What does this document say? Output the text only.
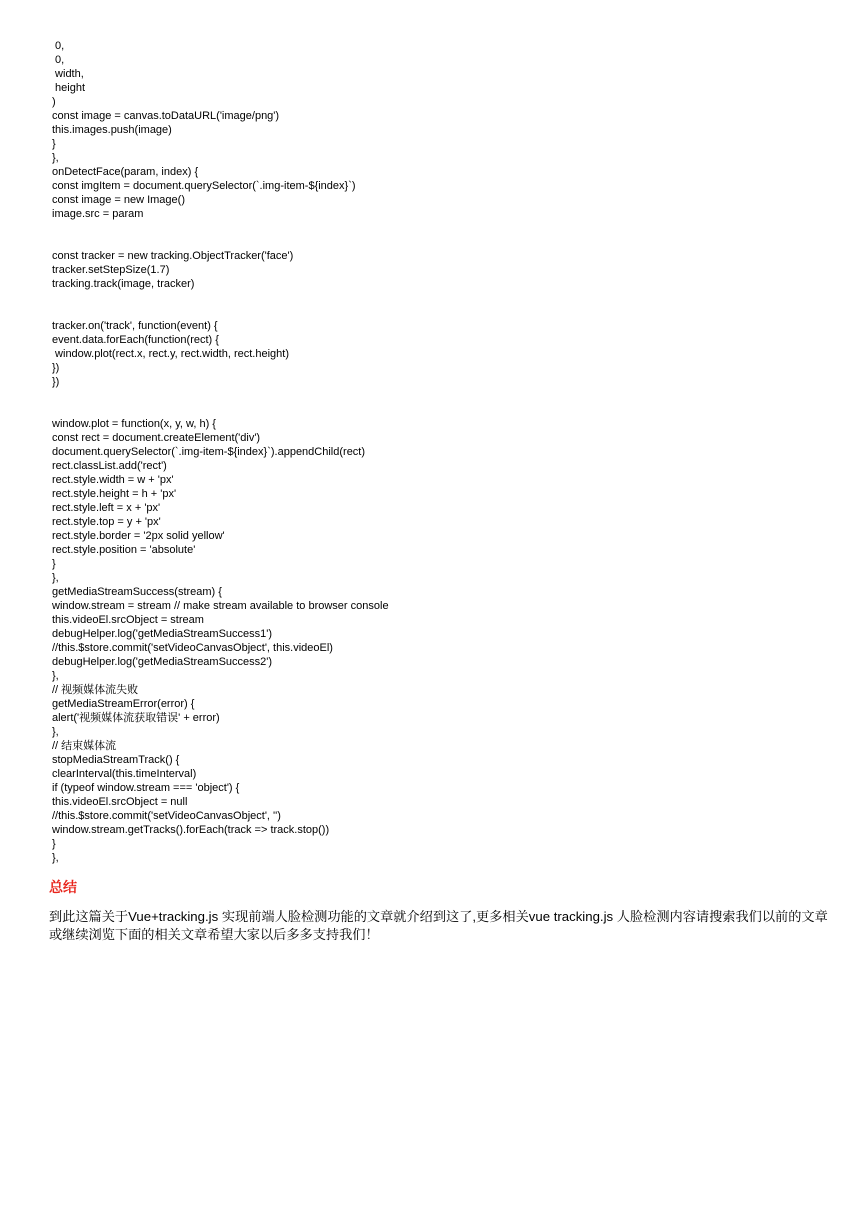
0,
0,
width,
height
)
const image = canvas.toDataURL('image/png')
this.images.push(image)
}
},
onDetectFace(param, index) {
const imgItem = document.querySelector(`.img-item-${index}`)
const image = new Image()
image.src = param
const tracker = new tracking.ObjectTracker('face')
tracker.setStepSize(1.7)
tracking.track(image, tracker)
tracker.on('track', function(event) {
event.data.forEach(function(rect) {
window.plot(rect.x, rect.y, rect.width, rect.height)
})
})
window.plot = function(x, y, w, h) {
const rect = document.createElement('div')
document.querySelector(`.img-item-${index}`).appendChild(rect)
rect.classList.add('rect')
rect.style.width = w + 'px'
rect.style.height = h + 'px'
rect.style.left = x + 'px'
rect.style.top = y + 'px'
rect.style.border = '2px solid yellow'
rect.style.position = 'absolute'
}
},
getMediaStreamSuccess(stream) {
window.stream = stream // make stream available to browser console
this.videoEl.srcObject = stream
debugHelper.log('getMediaStreamSuccess1')
//this.$store.commit('setVideoCanvasObject', this.videoEl)
debugHelper.log('getMediaStreamSuccess2')
},
// 视频媒体流失败
getMediaStreamError(error) {
alert('视频媒体流获取错误' + error)
},
// 结束媒体流
stopMediaStreamTrack() {
clearInterval(this.timeInterval)
if (typeof window.stream === 'object') {
this.videoEl.srcObject = null
//this.$store.commit('setVideoCanvasObject', '')
window.stream.getTracks().forEach(track => track.stop())
}
},
总结

到此这篇关于Vue+tracking.js 实现前端人脸检测功能的文章就介绍到这了,更多相关vue tracking.js 人脸检测内容请搜索我们以前的文章或继续浏览下面的相关文章希望大家以后多多支持我们！
